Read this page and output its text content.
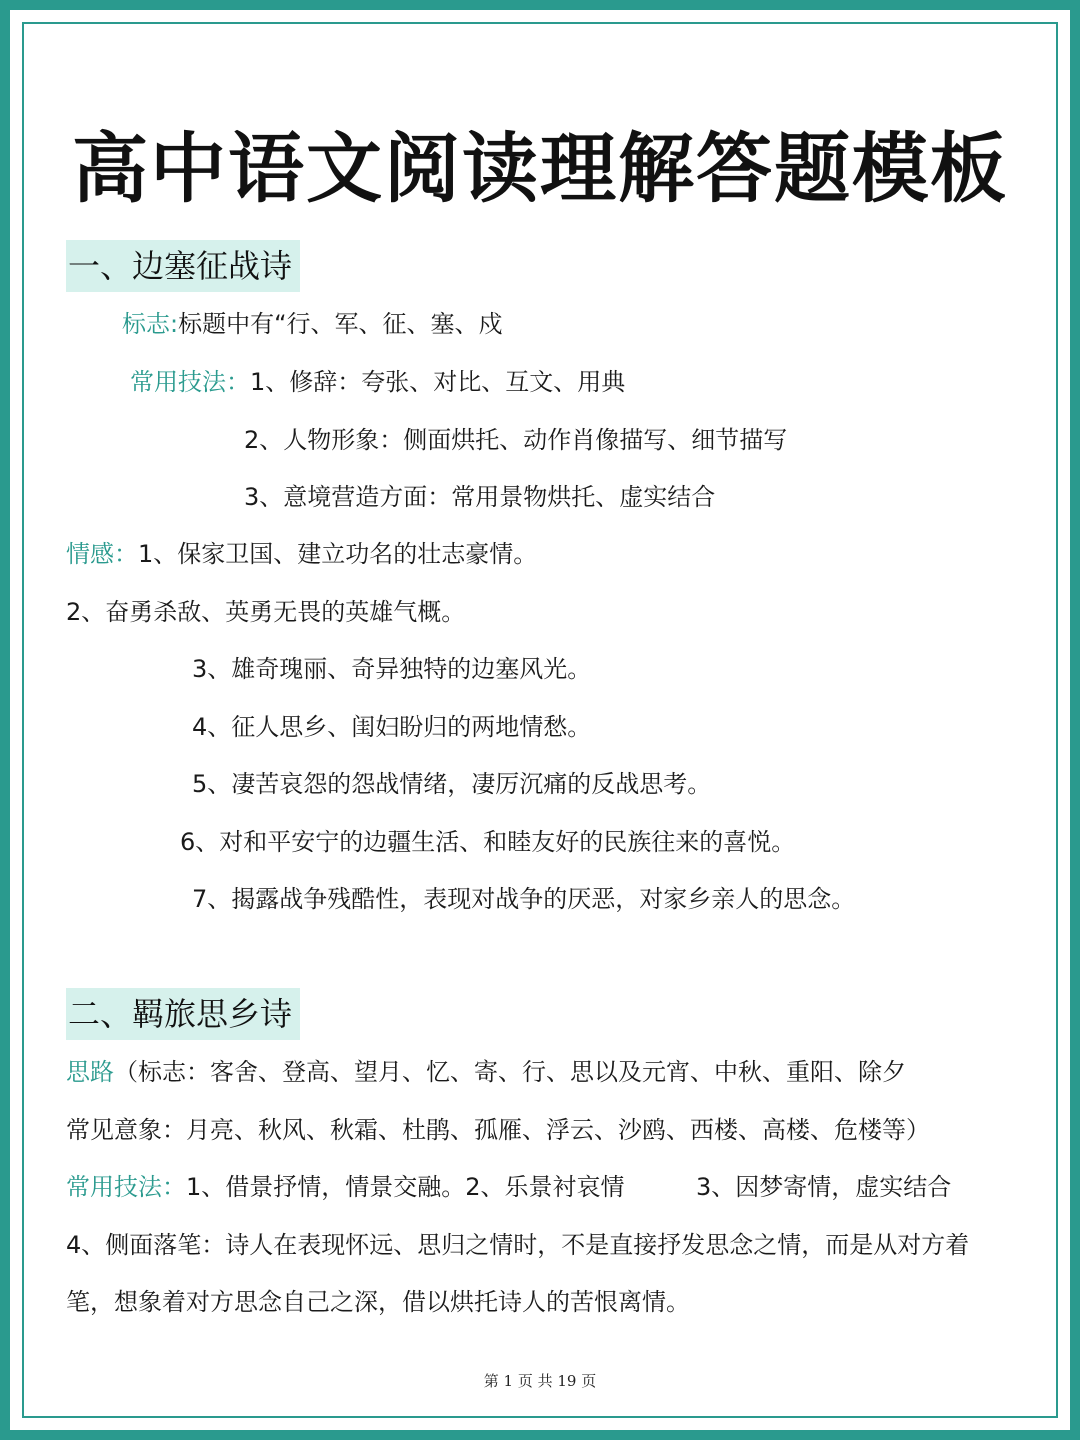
高中语文阅读理解答题模板
一、边塞征战诗
标志:标题中有“行、军、征、塞、戍
常用技法：1、修辞：夸张、对比、互文、用典
2、人物形象：侧面烘托、动作肖像描写、细节描写
3、意境营造方面：常用景物烘托、虚实结合
情感：1、保家卫国、建立功名的壮志豪情。
2、奋勇杀敌、英勇无畏的英雄气概。
3、雄奇瑰丽、奇异独特的边塞风光。
4、征人思乡、闺妇盼归的两地情愁。
5、凄苦哀怨的怨战情绪，凄厉沉痛的反战思考。
6、对和平安宁的边疆生活、和睦友好的民族往来的喜悦。
7、揭露战争残酷性，表现对战争的厌恶，对家乡亲人的思念。
二、羁旅思乡诗
思路（标志：客舍、登高、望月、忆、寄、行、思以及元宵、中秋、重阳、除夕
常见意象：月亮、秋风、秋霜、杜鹃、孤雁、浮云、沙鸥、西楼、高楼、危楼等）
常用技法：1、借景抒情，情景交融。2、乐景衬哀情	3、因梦寄情，虚实结合
4、侧面落笔：诗人在表现怀远、思归之情时，不是直接抒发思念之情，而是从对方着
笔，想象着对方思念自己之深，借以烘托诗人的苦恨离情。
第 1 页 共 19 页
